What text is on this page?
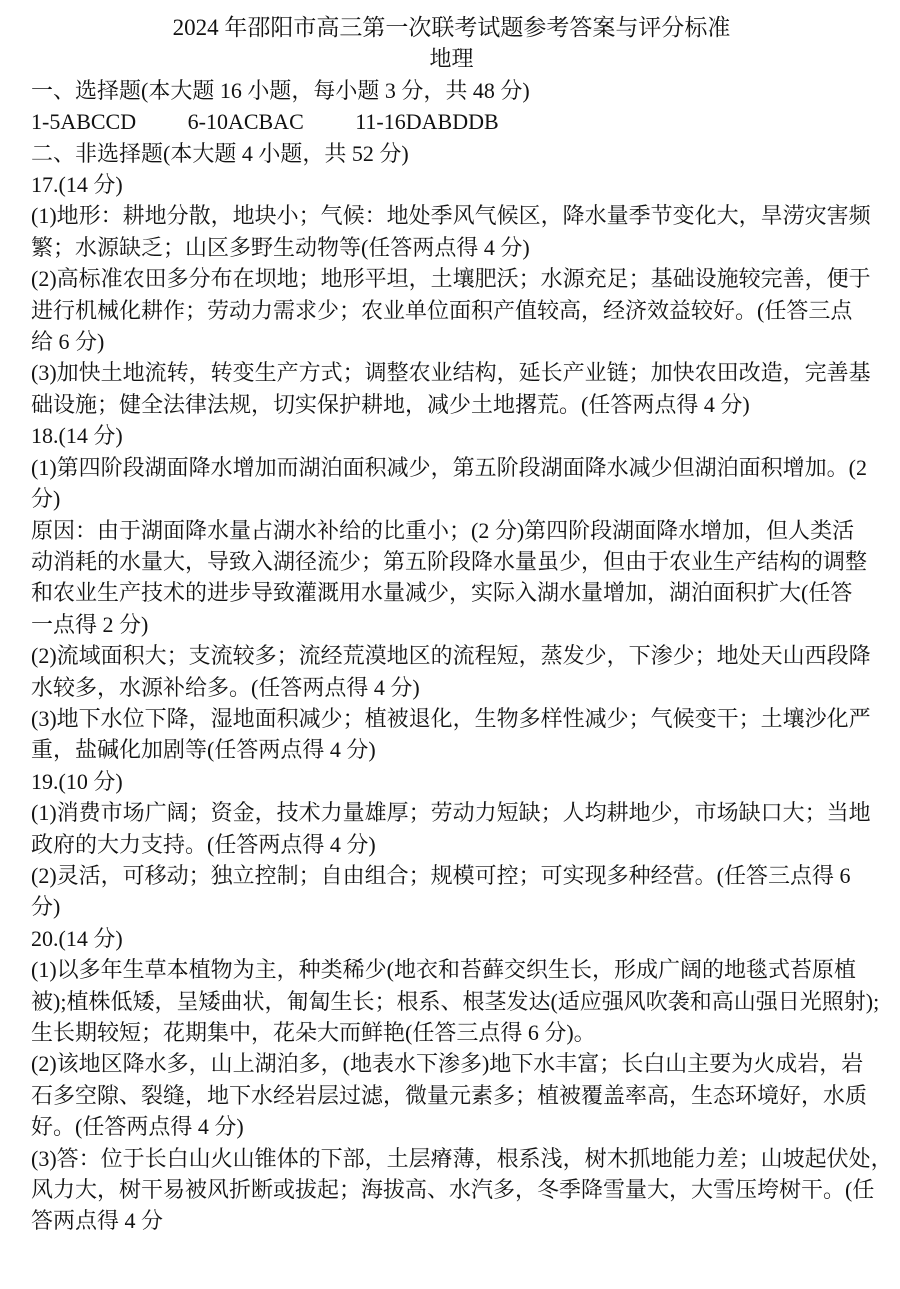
2024 年邵阳市高三第一次联考试题参考答案与评分标准
地理
一、选择题(本大题 16 小题，每小题 3 分，共 48 分)
1-5ABCCD 6-10ACBAC 11-16DABDDB
二、非选择题(本大题 4 小题，共 52 分)
17.(14 分)
(1)地形：耕地分散，地块小；气候：地处季风气候区，降水量季节变化大，旱涝灾害频
繁；水源缺乏；山区多野生动物等(任答两点得 4 分)
(2)高标准农田多分布在坝地；地形平坦，土壤肥沃；水源充足；基础设施较完善，便于
进行机械化耕作；劳动力需求少；农业单位面积产值较高，经济效益较好。(任答三点
给 6 分)
(3)加快土地流转，转变生产方式；调整农业结构，延长产业链；加快农田改造，完善基
础设施；健全法律法规，切实保护耕地，减少土地撂荒。(任答两点得 4 分)
18.(14 分)
(1)第四阶段湖面降水增加而湖泊面积减少，第五阶段湖面降水减少但湖泊面积增加。(2
分)
原因：由于湖面降水量占湖水补给的比重小；(2 分)第四阶段湖面降水增加，但人类活
动消耗的水量大，导致入湖径流少；第五阶段降水量虽少，但由于农业生产结构的调整
和农业生产技术的进步导致灌溉用水量减少，实际入湖水量增加，湖泊面积扩大(任答
一点得 2 分)
(2)流域面积大；支流较多；流经荒漠地区的流程短，蒸发少，下渗少；地处天山西段降
水较多，水源补给多。(任答两点得 4 分)
(3)地下水位下降，湿地面积减少；植被退化，生物多样性减少；气候变干；土壤沙化严
重，盐碱化加剧等(任答两点得 4 分)
19.(10 分)
(1)消费市场广阔；资金，技术力量雄厚；劳动力短缺；人均耕地少，市场缺口大；当地
政府的大力支持。(任答两点得 4 分)
(2)灵活，可移动；独立控制；自由组合；规模可控；可实现多种经营。(任答三点得 6
分)
20.(14 分)
(1)以多年生草本植物为主，种类稀少(地衣和苔藓交织生长，形成广阔的地毯式苔原植
被);植株低矮，呈矮曲状，匍匐生长；根系、根茎发达(适应强风吹袭和高山强日光照射);
生长期较短；花期集中，花朵大而鲜艳(任答三点得 6 分)。
(2)该地区降水多，山上湖泊多，(地表水下渗多)地下水丰富；长白山主要为火成岩，岩
石多空隙、裂缝，地下水经岩层过滤，微量元素多；植被覆盖率高，生态环境好，水质
好。(任答两点得 4 分)
(3)答：位于长白山火山锥体的下部，土层瘠薄，根系浅，树木抓地能力差；山坡起伏处，
风力大，树干易被风折断或拔起；海拔高、水汽多，冬季降雪量大，大雪压垮树干。(任
答两点得 4 分
